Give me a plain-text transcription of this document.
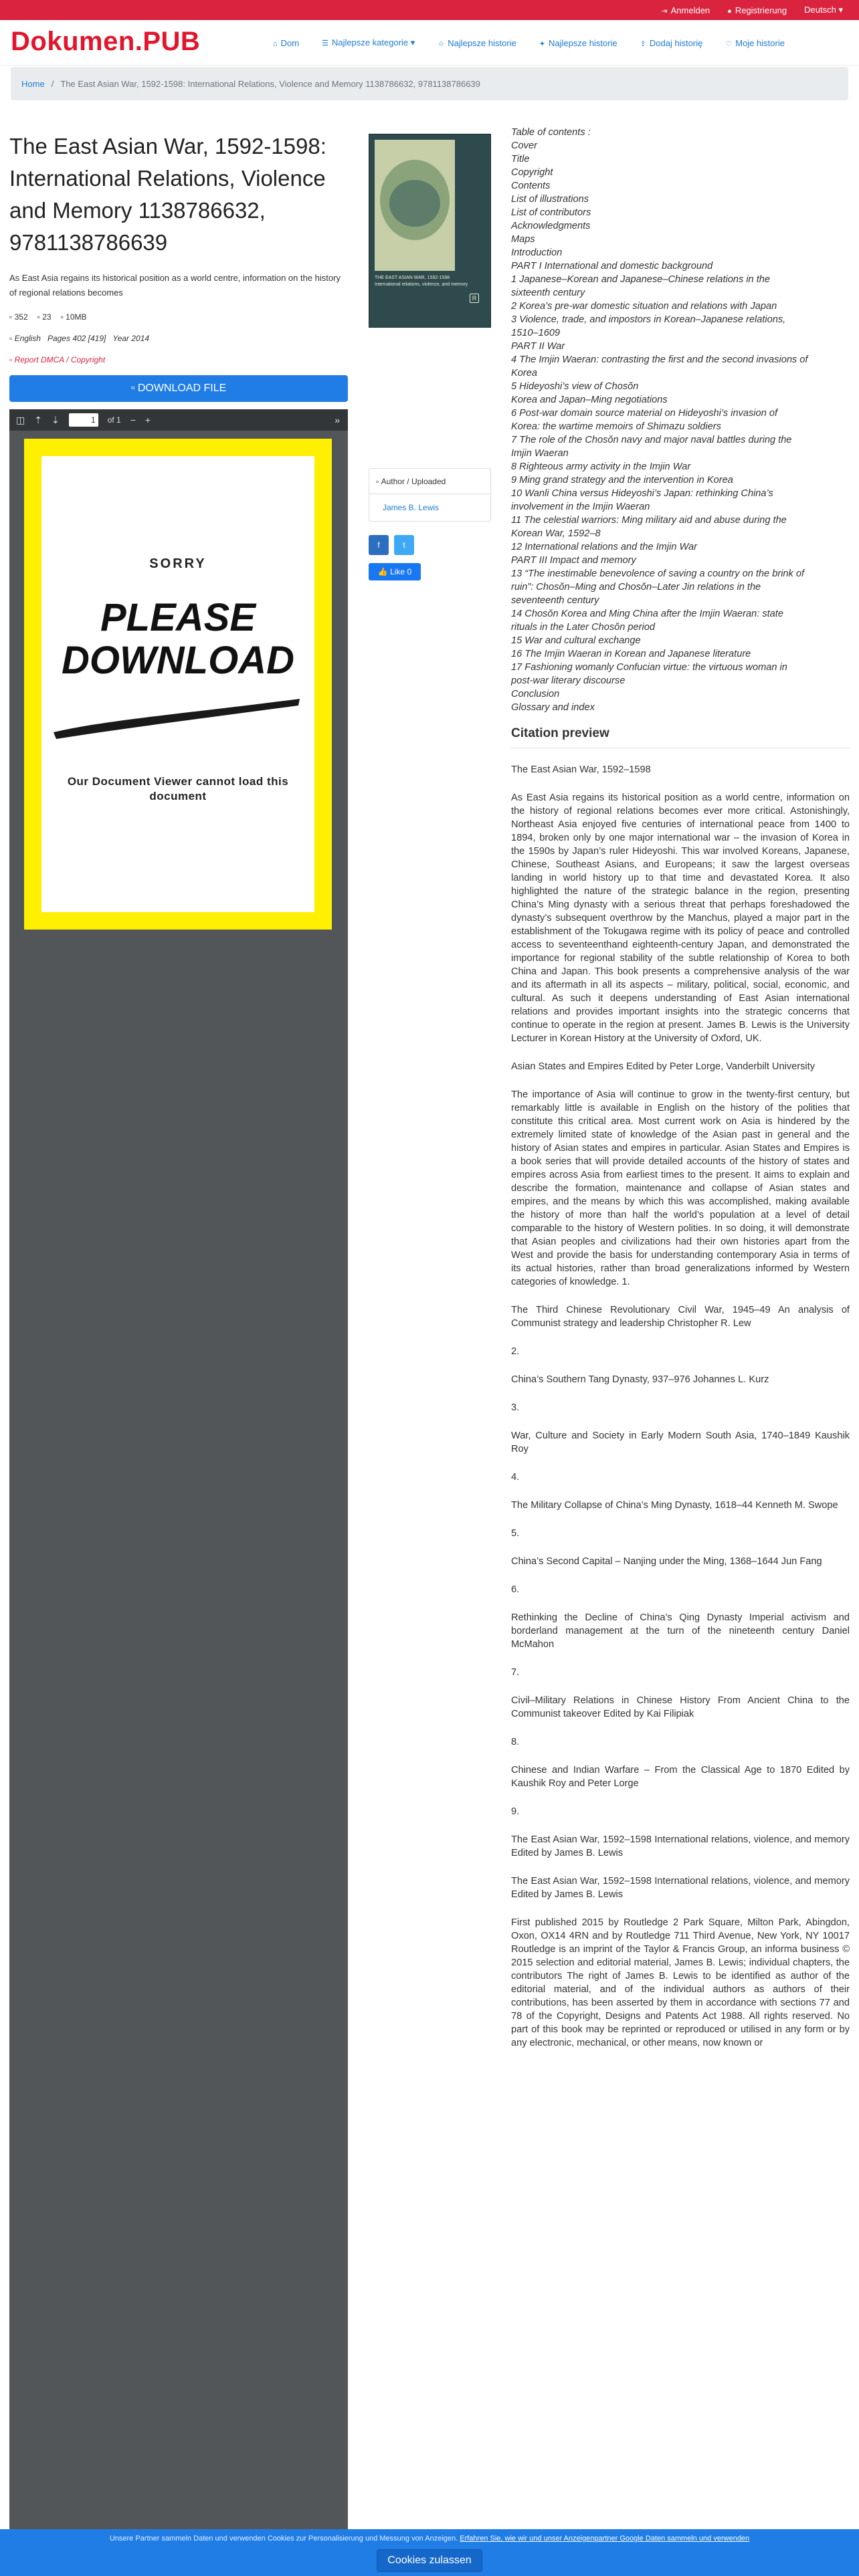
⇥ Anmelden ● Registrierung Deutsch ▾
Dokumen.PUB	⌂ Dom	☰ Najlepsze kategorie ▾	☆ Najlepsze historie	✦ Najlepsze historie	⇪ Dodaj historię	♡ Moje historie
Home / The East Asian War, 1592-1598: International Relations, Violence and Memory 1138786632, 9781138786639
The East Asian War, 1592-1598: International Relations, Violence and Memory 1138786632, 9781138786639

As East Asia regains its historical position as a world centre, information on the history of regional relations becomes

▫ 352 ▫ 23 ▫ 10MB
▫ English Pages 402 [419] Year 2014
▫ Report DMCA / Copyright
▫ DOWNLOAD FILE
◫ ⇡ ⇣	1	of 1 − +	»
SORRY
PLEASE DOWNLOAD
Our Document Viewer cannot load this document
THE EAST ASIAN WAR, 1592-1598 International relations, violence, and memory
R
▫ Author / Uploaded
James B. Lewis
f	t
👍 Like 0
Table of contents :
Cover
Title
Copyright
Contents
List of illustrations
List of contributors
Acknowledgments
Maps
Introduction
PART I International and domestic background
1 Japanese–Korean and Japanese–Chinese relations in the
sixteenth century
2 Korea’s pre-war domestic situation and relations with Japan
3 Violence, trade, and impostors in Korean–Japanese relations,
1510–1609
PART II War
4 The Imjin Waeran: contrasting the first and the second invasions of
Korea
5 Hideyoshi’s view of Chosŏn
Korea and Japan–Ming negotiations
6 Post-war domain source material on Hideyoshi’s invasion of
Korea: the wartime memoirs of Shimazu soldiers
7 The role of the Chosŏn navy and major naval battles during the
Imjin Waeran
8 Righteous army activity in the Imjin War
9 Ming grand strategy and the intervention in Korea
10 Wanli China versus Hideyoshi’s Japan: rethinking China’s
involvement in the Imjin Waeran
11 The celestial warriors: Ming military aid and abuse during the
Korean War, 1592–8
12 International relations and the Imjin War
PART III Impact and memory
13 “The inestimable benevolence of saving a country on the brink of
ruin”: Chosŏn–Ming and Chosŏn–Later Jin relations in the
seventeenth century
14 Chosŏn Korea and Ming China after the Imjin Waeran: state
rituals in the Later Chosŏn period
15 War and cultural exchange
16 The Imjin Waeran in Korean and Japanese literature
17 Fashioning womanly Confucian virtue: the virtuous woman in
post-war literary discourse
Conclusion
Glossary and index
Citation preview

The East Asian War, 1592–1598

As East Asia regains its historical position as a world centre, information on the history of regional relations becomes ever more critical. Astonishingly, Northeast Asia enjoyed five centuries of international peace from 1400 to 1894, broken only by one major international war – the invasion of Korea in the 1590s by Japan’s ruler Hideyoshi. This war involved Koreans, Japanese, Chinese, Southeast Asians, and Europeans; it saw the largest overseas landing in world history up to that time and devastated Korea. It also highlighted the nature of the strategic balance in the region, presenting China’s Ming dynasty with a serious threat that perhaps foreshadowed the dynasty’s subsequent overthrow by the Manchus, played a major part in the establishment of the Tokugawa regime with its policy of peace and controlled access to seventeenthand eighteenth-century Japan, and demonstrated the importance for regional stability of the subtle relationship of Korea to both China and Japan. This book presents a comprehensive analysis of the war and its aftermath in all its aspects – military, political, social, economic, and cultural. As such it deepens understanding of East Asian international relations and provides important insights into the strategic concerns that continue to operate in the region at present. James B. Lewis is the University Lecturer in Korean History at the University of Oxford, UK.

Asian States and Empires Edited by Peter Lorge, Vanderbilt University

The importance of Asia will continue to grow in the twenty-first century, but remarkably little is available in English on the history of the polities that constitute this critical area. Most current work on Asia is hindered by the extremely limited state of knowledge of the Asian past in general and the history of Asian states and empires in particular. Asian States and Empires is a book series that will provide detailed accounts of the history of states and empires across Asia from earliest times to the present. It aims to explain and describe the formation, maintenance and collapse of Asian states and empires, and the means by which this was accomplished, making available the history of more than half the world’s population at a level of detail comparable to the history of Western polities. In so doing, it will demonstrate that Asian peoples and civilizations had their own histories apart from the West and provide the basis for understanding contemporary Asia in terms of its actual histories, rather than broad generalizations informed by Western categories of knowledge. 1.

The Third Chinese Revolutionary Civil War, 1945–49 An analysis of Communist strategy and leadership Christopher R. Lew

2.

China’s Southern Tang Dynasty, 937–976 Johannes L. Kurz

3.

War, Culture and Society in Early Modern South Asia, 1740–1849 Kaushik Roy

4.

The Military Collapse of China’s Ming Dynasty, 1618–44 Kenneth M. Swope

5.

China’s Second Capital – Nanjing under the Ming, 1368–1644 Jun Fang

6.

Rethinking the Decline of China’s Qing Dynasty Imperial activism and borderland management at the turn of the nineteenth century Daniel McMahon

7.

Civil–Military Relations in Chinese History From Ancient China to the Communist takeover Edited by Kai Filipiak

8.

Chinese and Indian Warfare – From the Classical Age to 1870 Edited by Kaushik Roy and Peter Lorge

9.

The East Asian War, 1592–1598 International relations, violence, and memory Edited by James B. Lewis

The East Asian War, 1592–1598 International relations, violence, and memory Edited by James B. Lewis

First published 2015 by Routledge 2 Park Square, Milton Park, Abingdon, Oxon, OX14 4RN and by Routledge 711 Third Avenue, New York, NY 10017 Routledge is an imprint of the Taylor & Francis Group, an informa business © 2015 selection and editorial material, James B. Lewis; individual chapters, the contributors The right of James B. Lewis to be identified as author of the editorial material, and of the individual authors as authors of their contributions, has been asserted by them in accordance with sections 77 and 78 of the Copyright, Designs and Patents Act 1988. All rights reserved. No part of this book may be reprinted or reproduced or utilised in any form or by any electronic, mechanical, or other means, now known or

Unsere Partner sammeln Daten und verwenden Cookies zur Personalisierung und Messung von Anzeigen. Erfahren Sie, wie wir und unser Anzeigenpartner Google Daten sammeln und verwenden
Cookies zulassen
